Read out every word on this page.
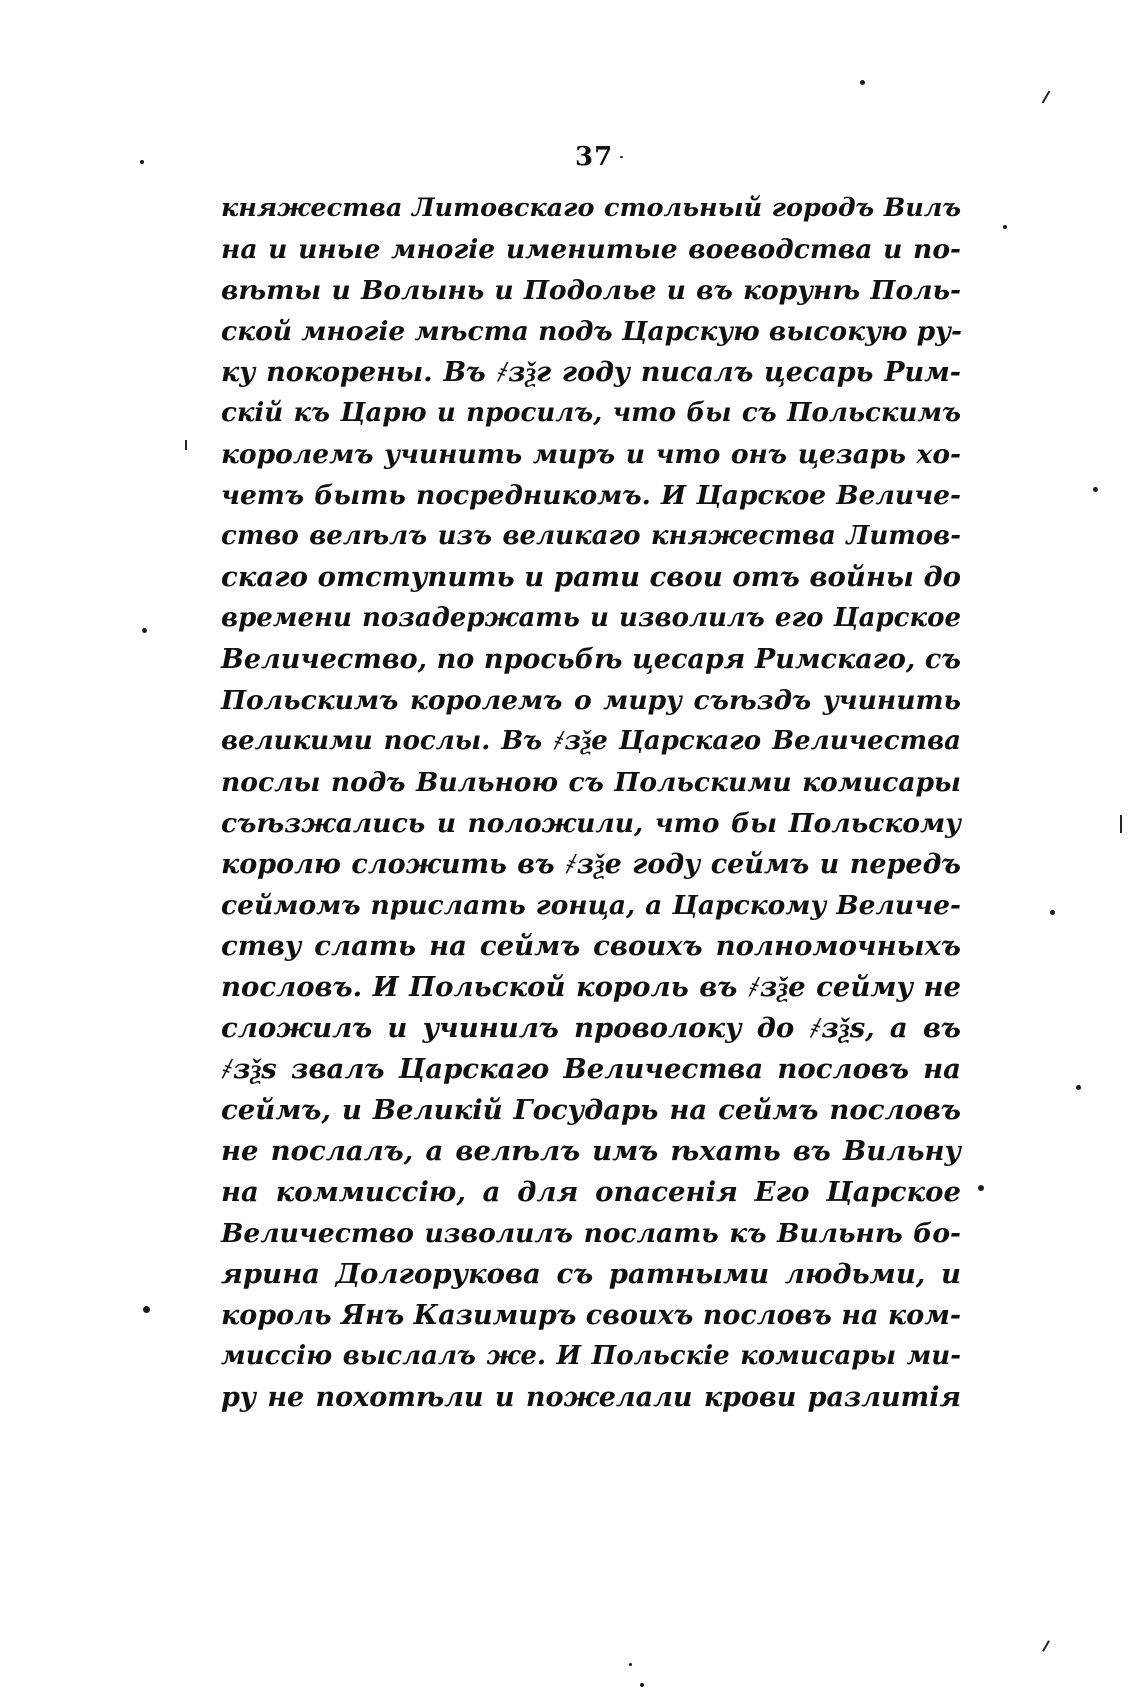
37
княжества Литовскаго стольный городъ Вилъ
на и иные многіе именитые воеводства и по-
вѣты и Волынь и Подолье и въ корунѣ Поль-
ской многіе мѣста подъ Царскую высокую ру-
ку покорены. Въ ҂зѯг году писалъ цесарь Рим-
скій къ Царю и просилъ, что бы съ Польскимъ
королемъ учинить миръ и что онъ цезарь хо-
четъ быть посредникомъ. И Царское Величе-
ство велѣлъ изъ великаго княжества Литов-
скаго отступить и рати свои отъ войны до
времени позадержать и изволилъ его Царское
Величество, по просьбѣ цесаря Римскаго, съ
Польскимъ королемъ о миру съѣздъ учинить
великими послы. Въ ҂зѯе Царскаго Величества
послы подъ Вильною съ Польскими комисары
съѣзжались и положили, что бы Польскому
королю сложить въ ҂зѯе году сеймъ и передъ
сеймомъ прислать гонца, а Царскому Величе-
ству слать на сеймъ своихъ полномочныхъ
пословъ. И Польской король въ ҂зѯе сейму не
сложилъ и учинилъ проволоку до ҂зѯѕ, а въ
҂зѯѕ звалъ Царскаго Величества пословъ на
сеймъ, и Великій Государь на сеймъ пословъ
не послалъ, а велѣлъ имъ ѣхать въ Вильну
на коммиссію, а для опасенія Его Царское
Величество изволилъ послать къ Вильнѣ бо-
ярина Долгорукова съ ратными людьми, и
король Янъ Казимиръ своихъ пословъ на ком-
миссію выслалъ же. И Польскіе комисары ми-
ру не похотѣли и пожелали крови разлитія
